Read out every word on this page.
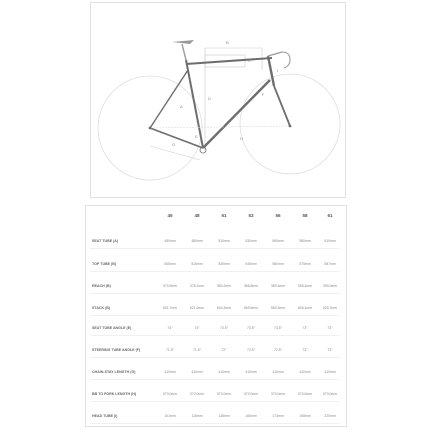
A
B
C
D
E
F
G
H
I
45	48	51	53	56	58	61
SEAT TUBE (A)	450mm	480mm	510mm	530mm	560mm	580mm	610mm
TOP TUBE (B)	505mm	515mm	530mm	545mm	560mm	575mm	587mm
REACH (B)	375.9mm	378.1mm	380.2mm	386.8mm	389.4mm	398.4mm	399.0mm
STACK (B)	501.7mm	521.0mm	544.3mm	569.6mm	583.3mm	606.1mm	625.7mm
SEAT TUBE ANGLE (E)	74°	74°	73.5°	73.5°	73.5°	73°	73°
STEERING TUBE ANGLE (F)	71.5°	71.5°	72°	72.5°	72.5°	73°	73°
CHAIN-STAY LENGTH (G)	410mm	410mm	410mm	410mm	410mm	410mm	410mm
BB TO FORK LENGTH (H)	370.0mm	370.0mm	370.0mm	370.0mm	370.0mm	370.0mm	370.0mm
HEAD TUBE (I)	101mm	115mm	138mm	160mm	173mm	198mm	220mm
